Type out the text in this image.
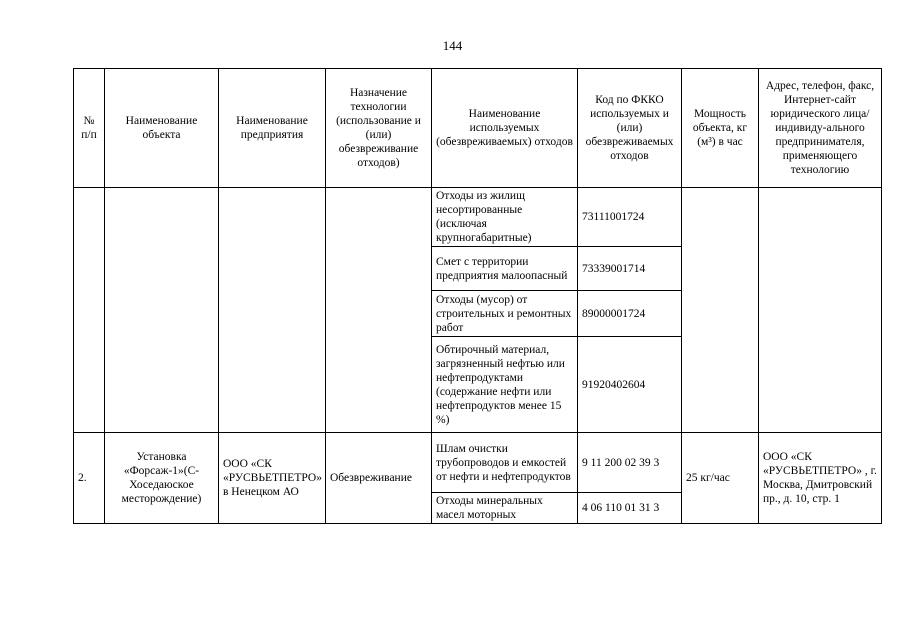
144
№ п/п	Наименование объекта	Наименование предприятия	Назначение технологии (использование и (или) обезвреживание отходов)	Наименование используемых (обезвреживаемых) отходов	Код по ФККО используемых и (или) обезвреживаемых отходов	Мощность объекта, кг (м³) в час	Адрес, телефон, факс, Интернет-сайт юридического лица/индивиду-ального предпринимателя, применяющего технологию
				Отходы из жилищ несортированные (исключая крупногабаритные)	73111001724		
				Смет с территории предприятия малоопасный	73339001714		
				Отходы (мусор) от строительных и ремонтных работ	89000001724		
				Обтирочный материал, загрязненный нефтью или нефтепродуктами (содержание нефти или нефтепродуктов менее 15 %)	91920402604		
2.	Установка «Форсаж-1»(С-Хоседаюское месторождение)	ООО «СК «РУСВЬЕТПЕТРО» в Ненецком АО	Обезвреживание	Шлам очистки трубопроводов и емкостей от нефти и нефтепродуктов	9 11 200 02 39 3	25 кг/час	ООО «СК «РУСВЬЕТПЕТРО» , г. Москва, Дмитровский пр., д. 10, стр. 1
				Отходы минеральных масел моторных	4 06 110 01 31 3		
